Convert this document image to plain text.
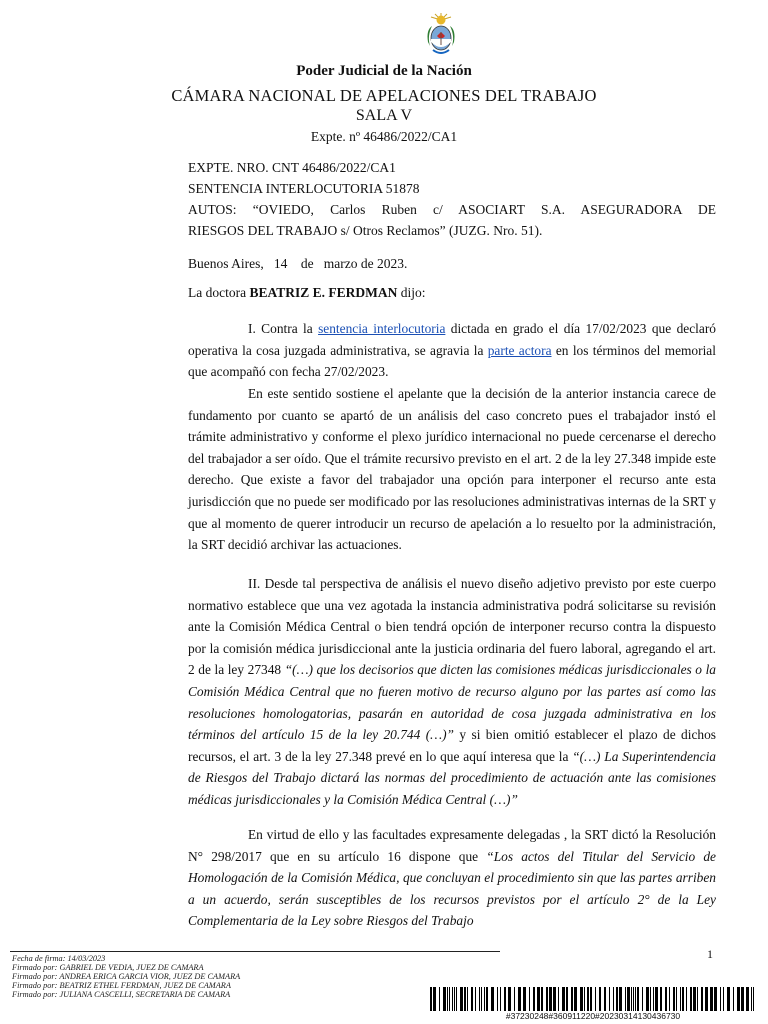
Poder Judicial de la Nación
CÁMARA NACIONAL DE APELACIONES DEL TRABAJO
SALA V
Expte. nº 46486/2022/CA1
EXPTE. NRO. CNT 46486/2022/CA1
SENTENCIA INTERLOCUTORIA 51878
AUTOS: “OVIEDO, Carlos Ruben c/ ASOCIART S.A. ASEGURADORA DE
RIESGOS DEL TRABAJO s/ Otros Reclamos” (JUZG. Nro. 51).
Buenos Aires,   14    de   marzo de 2023.
La doctora BEATRIZ E. FERDMAN dijo:
I. Contra la sentencia interlocutoria dictada en grado el día 17/02/2023 que declaró operativa la cosa juzgada administrativa, se agravia la parte actora en los términos del memorial que acompañó con fecha 27/02/2023.
En este sentido sostiene el apelante que la decisión de la anterior instancia carece de fundamento por cuanto se apartó de un análisis del caso concreto pues el trabajador instó el trámite administrativo y conforme el plexo jurídico internacional no puede cercenarse el derecho del trabajador a ser oído. Que el trámite recursivo previsto en el art. 2 de la ley 27.348 impide este derecho. Que existe a favor del trabajador una opción para interponer el recurso ante esta jurisdicción que no puede ser modificado por las resoluciones administrativas internas de la SRT y que al momento de querer introducir un recurso de apelación a lo resuelto por la administración, la SRT decidió archivar las actuaciones.
II. Desde tal perspectiva de análisis el nuevo diseño adjetivo previsto por este cuerpo normativo establece que una vez agotada la instancia administrativa podrá solicitarse su revisión ante la Comisión Médica Central o bien tendrá opción de interponer recurso contra la dispuesto por la comisión médica jurisdiccional ante la justicia ordinaria del fuero laboral, agregando el art. 2 de la ley 27348 “(…) que los decisorios que dicten las comisiones médicas jurisdiccionales o la Comisión Médica Central que no fueren motivo de recurso alguno por las partes así como las resoluciones homologatorias, pasarán en autoridad de cosa juzgada administrativa en los términos del artículo 15 de la ley 20.744 (…)” y si bien omitió establecer el plazo de dichos recursos, el art. 3 de la ley 27.348 prevé en lo que aquí interesa que la “(…) La Superintendencia de Riesgos del Trabajo dictará las normas del procedimiento de actuación ante las comisiones médicas jurisdiccionales y la Comisión Médica Central (…)”
En virtud de ello y las facultades expresamente delegadas , la SRT dictó la Resolución N° 298/2017 que en su artículo 16 dispone que “Los actos del Titular del Servicio de Homologación de la Comisión Médica, que concluyan el procedimiento sin que las partes arriben a un acuerdo, serán susceptibles de los recursos previstos por el artículo 2° de la Ley Complementaria de la Ley sobre Riesgos del Trabajo
1
Fecha de firma: 14/03/2023
Firmado por: GABRIEL DE VEDIA, JUEZ DE CAMARA
Firmado por: ANDREA ERICA GARCIA VIOR, JUEZ DE CAMARA
Firmado por: BEATRIZ ETHEL FERDMAN, JUEZ DE CAMARA
Firmado por: JULIANA CASCELLI, SECRETARIA DE CAMARA
#37230248#360911220#20230314130436730
